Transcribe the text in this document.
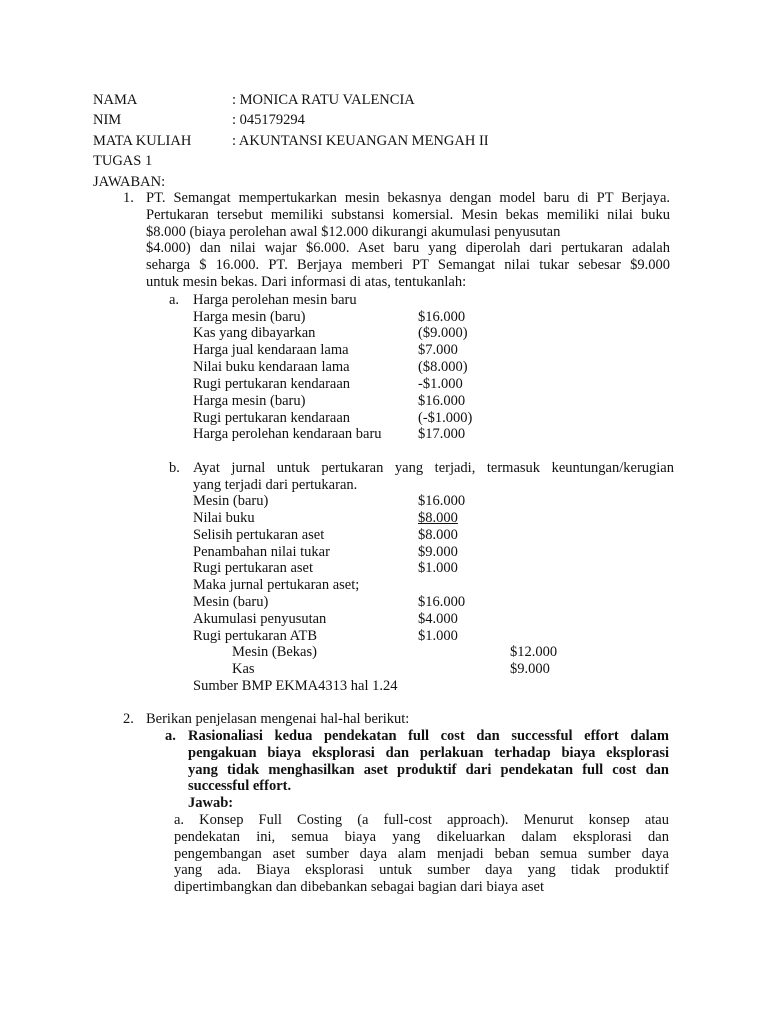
NAMA	: MONICA RATU VALENCIA
NIM	: 045179294
MATA KULIAH	: AKUNTANSI KEUANGAN MENGAH II
TUGAS 1
JAWABAN:
1. PT. Semangat mempertukarkan mesin bekasnya dengan model baru di PT Berjaya.
Pertukaran tersebut memiliki substansi komersial. Mesin bekas memiliki nilai buku
$8.000 (biaya perolehan awal $12.000 dikurangi akumulasi penyusutan
$4.000) dan nilai wajar $6.000. Aset baru yang diperolah dari pertukaran adalah
seharga $ 16.000. PT. Berjaya memberi PT Semangat nilai tukar sebesar $9.000
untuk mesin bekas. Dari informasi di atas, tentukanlah:
a. Harga perolehan mesin baru
Harga mesin (baru)	$16.000
Kas yang dibayarkan	($9.000)
Harga jual kendaraan lama	$7.000
Nilai buku kendaraan lama	($8.000)
Rugi pertukaran kendaraan	-$1.000
Harga mesin (baru)	$16.000
Rugi pertukaran kendaraan	(-$1.000)
Harga perolehan kendaraan baru	$17.000
b. Ayat jurnal untuk pertukaran yang terjadi, termasuk keuntungan/kerugian
yang terjadi dari pertukaran.
Mesin (baru)	$16.000
Nilai buku	$8.000
Selisih pertukaran aset	$8.000
Penambahan nilai tukar	$9.000
Rugi pertukaran aset	$1.000
Maka jurnal pertukaran aset;
Mesin (baru)	$16.000
Akumulasi penyusutan	$4.000
Rugi pertukaran ATB	$1.000
Mesin (Bekas)	$12.000
Kas	$9.000
Sumber BMP EKMA4313 hal 1.24
2. Berikan penjelasan mengenai hal-hal berikut:
a. Rasionaliasi kedua pendekatan full cost dan successful effort dalam
pengakuan biaya eksplorasi dan perlakuan terhadap biaya eksplorasi
yang tidak menghasilkan aset produktif dari pendekatan full cost dan
successful effort.
Jawab:
a. Konsep Full Costing (a full-cost approach). Menurut konsep atau
pendekatan ini, semua biaya yang dikeluarkan dalam eksplorasi dan
pengembangan aset sumber daya alam menjadi beban semua sumber daya
yang ada. Biaya eksplorasi untuk sumber daya yang tidak produktif
dipertimbangkan dan dibebankan sebagai bagian dari biaya aset
